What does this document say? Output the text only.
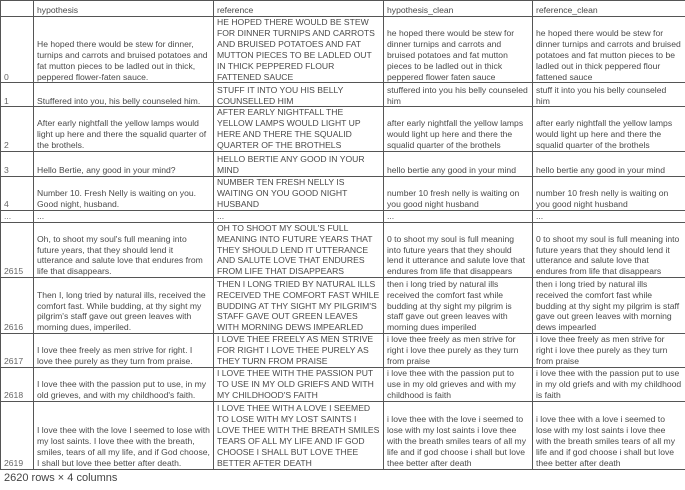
	hypothesis	reference	hypothesis_clean	reference_clean
0	He hoped there would be stew for dinner, turnips and carrots and bruised potatoes and fat mutton pieces to be ladled out in thick, peppered flower-faten sauce.	HE HOPED THERE WOULD BE STEW FOR DINNER TURNIPS AND CARROTS AND BRUISED POTATOES AND FAT MUTTON PIECES TO BE LADLED OUT IN THICK PEPPERED FLOUR FATTENED SAUCE	he hoped there would be stew for dinner turnips and carrots and bruised potatoes and fat mutton pieces to be ladled out in thick peppered flower faten sauce	he hoped there would be stew for dinner turnips and carrots and bruised potatoes and fat mutton pieces to be ladled out in thick peppered flour fattened sauce
1	Stuffered into you, his belly counseled him.	STUFF IT INTO YOU HIS BELLY COUNSELLED HIM	stuffered into you his belly counseled him	stuff it into you his belly counseled him
2	After early nightfall the yellow lamps would light up here and there the squalid quarter of the brothels.	AFTER EARLY NIGHTFALL THE YELLOW LAMPS WOULD LIGHT UP HERE AND THERE THE SQUALID QUARTER OF THE BROTHELS	after early nightfall the yellow lamps would light up here and there the squalid quarter of the brothels	after early nightfall the yellow lamps would light up here and there the squalid quarter of the brothels
3	Hello Bertie, any good in your mind?	HELLO BERTIE ANY GOOD IN YOUR MIND	hello bertie any good in your mind	hello bertie any good in your mind
4	Number 10. Fresh Nelly is waiting on you. Good night, husband.	NUMBER TEN FRESH NELLY IS WAITING ON YOU GOOD NIGHT HUSBAND	number 10 fresh nelly is waiting on you good night husband	number 10 fresh nelly is waiting on you good night husband
...	...	...	...	...
2615	Oh, to shoot my soul's full meaning into future years, that they should lend it utterance and salute love that endures from life that disappears.	OH TO SHOOT MY SOUL'S FULL MEANING INTO FUTURE YEARS THAT THEY SHOULD LEND IT UTTERANCE AND SALUTE LOVE THAT ENDURES FROM LIFE THAT DISAPPEARS	0 to shoot my soul is full meaning into future years that they should lend it utterance and salute love that endures from life that disappears	0 to shoot my soul is full meaning into future years that they should lend it utterance and salute love that endures from life that disappears
2616	Then I, long tried by natural ills, received the comfort fast. While budding, at thy sight my pilgrim's staff gave out green leaves with morning dues, imperiled.	THEN I LONG TRIED BY NATURAL ILLS RECEIVED THE COMFORT FAST WHILE BUDDING AT THY SIGHT MY PILGRIM'S STAFF GAVE OUT GREEN LEAVES WITH MORNING DEWS IMPEARLED	then i long tried by natural ills received the comfort fast while budding at thy sight my pilgrim is staff gave out green leaves with morning dues imperiled	then i long tried by natural ills received the comfort fast while budding at thy sight my pilgrim is staff gave out green leaves with morning dews impearled
2617	I love thee freely as men strive for right. I love thee purely as they turn from praise.	I LOVE THEE FREELY AS MEN STRIVE FOR RIGHT I LOVE THEE PURELY AS THEY TURN FROM PRAISE	i love thee freely as men strive for right i love thee purely as they turn from praise	i love thee freely as men strive for right i love thee purely as they turn from praise
2618	I love thee with the passion put to use, in my old grieves, and with my childhood's faith.	I LOVE THEE WITH THE PASSION PUT TO USE IN MY OLD GRIEFS AND WITH MY CHILDHOOD'S FAITH	i love thee with the passion put to use in my old grieves and with my childhood is faith	i love thee with the passion put to use in my old griefs and with my childhood is faith
2619	I love thee with the love I seemed to lose with my lost saints. I love thee with the breath, smiles, tears of all my life, and if God choose, I shall but love thee better after death.	I LOVE THEE WITH A LOVE I SEEMED TO LOSE WITH MY LOST SAINTS I LOVE THEE WITH THE BREATH SMILES TEARS OF ALL MY LIFE AND IF GOD CHOOSE I SHALL BUT LOVE THEE BETTER AFTER DEATH	i love thee with the love i seemed to lose with my lost saints i love thee with the breath smiles tears of all my life and if god choose i shall but love thee better after death	i love thee with a love i seemed to lose with my lost saints i love thee with the breath smiles tears of all my life and if god choose i shall but love thee better after death
2620 rows × 4 columns
